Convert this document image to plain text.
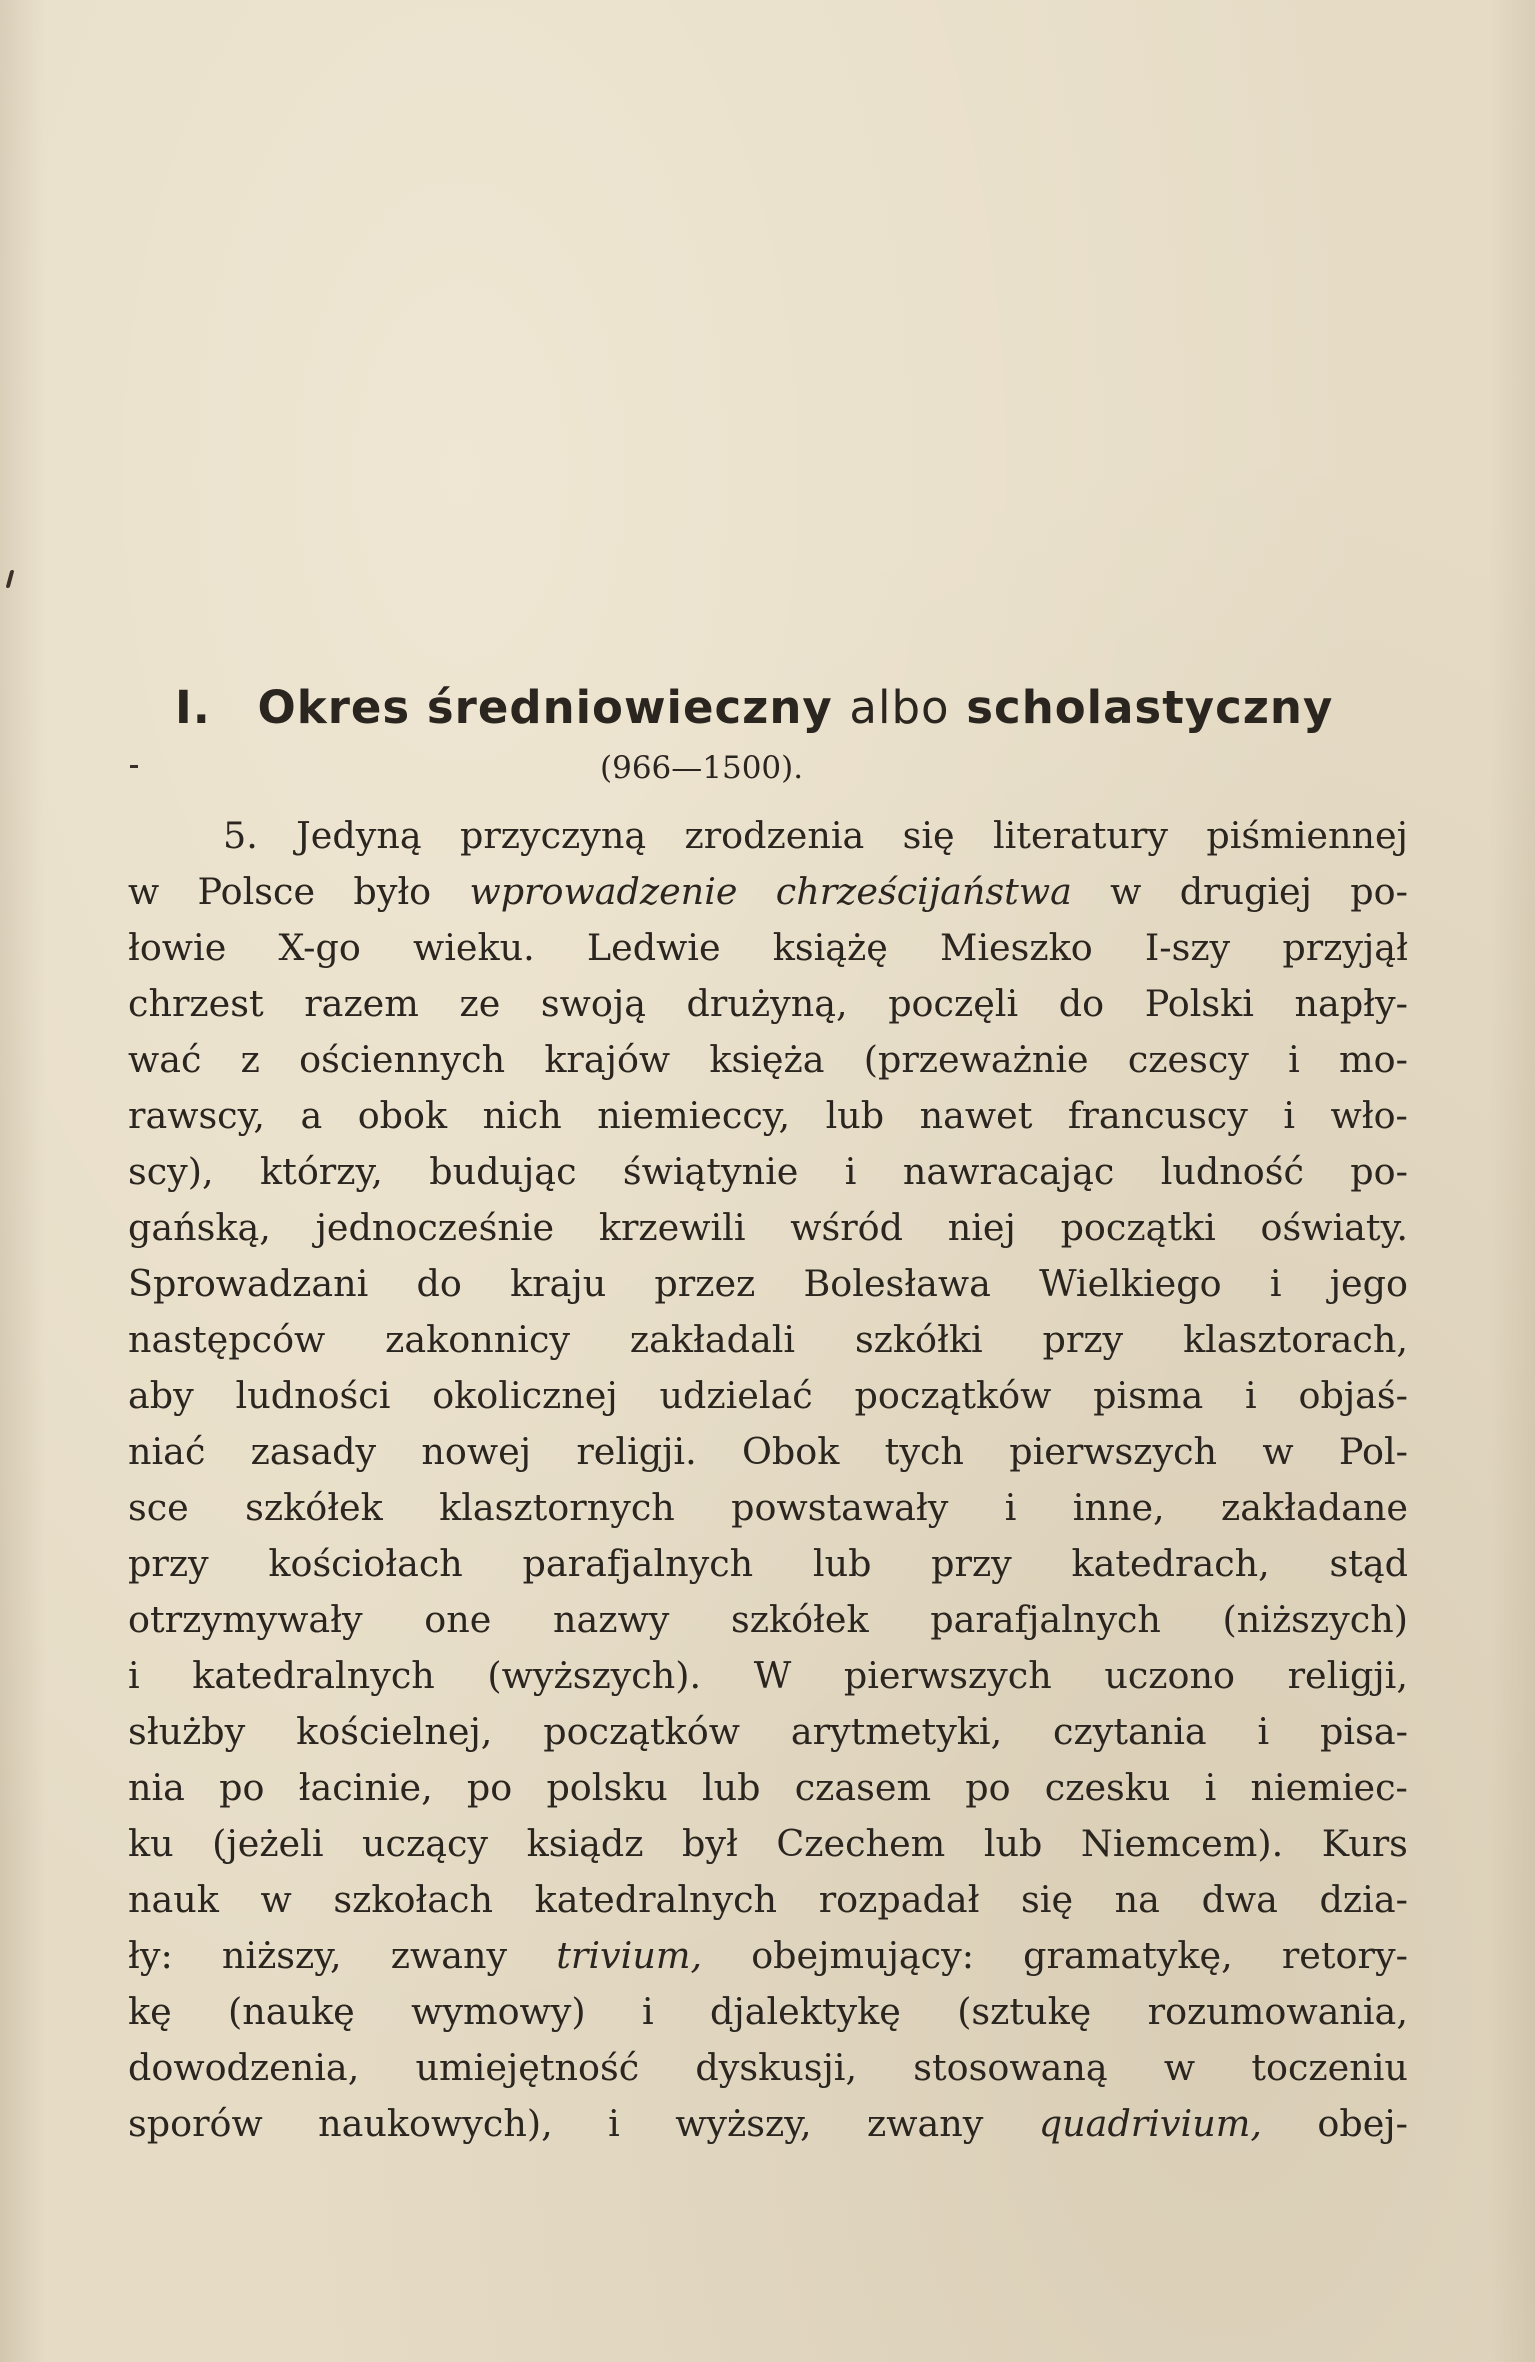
I. Okres średniowieczny albo scholastyczny
(966—1500).
5. Jedyną przyczyną zrodzenia się literatury piśmiennej
w Polsce było wprowadzenie chrześcijaństwa w drugiej po-
łowie X-go wieku. Ledwie książę Mieszko I-szy przyjął
chrzest razem ze swoją drużyną, poczęli do Polski napły-
wać z ościennych krajów księża (przeważnie czescy i mo-
rawscy, a obok nich niemieccy, lub nawet francuscy i wło-
scy), którzy, budując świątynie i nawracając ludność po-
gańską, jednocześnie krzewili wśród niej początki oświaty.
Sprowadzani do kraju przez Bolesława Wielkiego i jego
następców zakonnicy zakładali szkółki przy klasztorach,
aby ludności okolicznej udzielać początków pisma i objaś-
niać zasady nowej religji. Obok tych pierwszych w Pol-
sce szkółek klasztornych powstawały i inne, zakładane
przy kościołach parafjalnych lub przy katedrach, stąd
otrzymywały one nazwy szkółek parafjalnych (niższych)
i katedralnych (wyższych). W pierwszych uczono religji,
służby kościelnej, początków arytmetyki, czytania i pisa-
nia po łacinie, po polsku lub czasem po czesku i niemiec-
ku (jeżeli uczący ksiądz był Czechem lub Niemcem). Kurs
nauk w szkołach katedralnych rozpadał się na dwa dzia-
ły: niższy, zwany trivium, obejmujący: gramatykę, retory-
kę (naukę wymowy) i djalektykę (sztukę rozumowania,
dowodzenia, umiejętność dyskusji, stosowaną w toczeniu
sporów naukowych), i wyższy, zwany quadrivium, obej-
